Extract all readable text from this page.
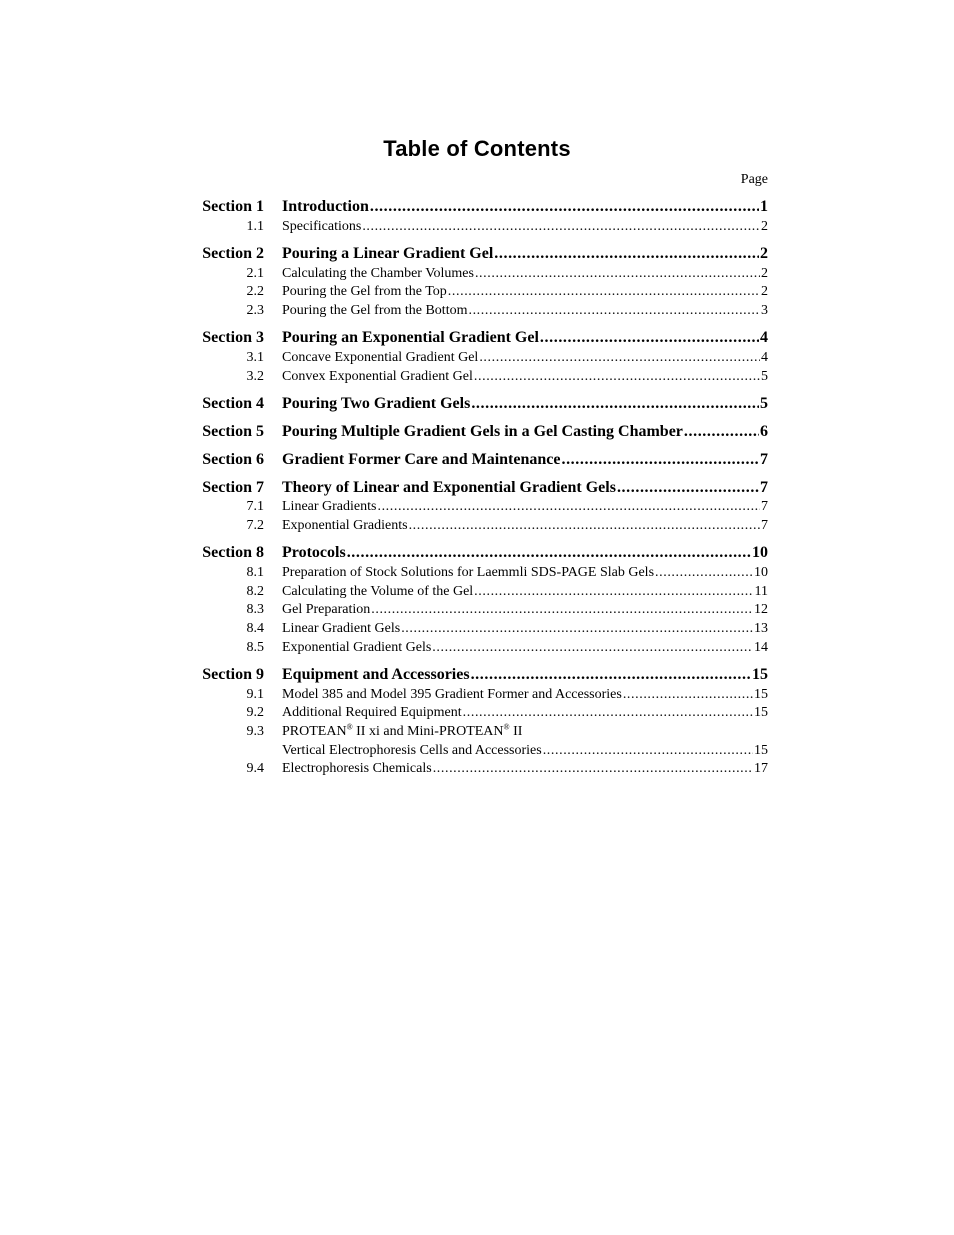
Table of Contents
Page
Section 1 Introduction .....	1
1.1 Specifications .....	2
Section 2 Pouring a Linear Gradient Gel .....	2
2.1 Calculating the Chamber Volumes .....	2
2.2 Pouring the Gel from the Top .....	2
2.3 Pouring the Gel from the Bottom .....	3
Section 3 Pouring an Exponential Gradient Gel .....	4
3.1 Concave Exponential Gradient Gel .....	4
3.2 Convex Exponential Gradient Gel .....	5
Section 4 Pouring Two Gradient Gels .....	5
Section 5 Pouring Multiple Gradient Gels in a Gel Casting Chamber .....	6
Section 6 Gradient Former Care and Maintenance .....	7
Section 7 Theory of Linear and Exponential Gradient Gels .....	7
7.1 Linear Gradients .....	7
7.2 Exponential Gradients .....	7
Section 8 Protocols .....	10
8.1 Preparation of Stock Solutions for Laemmli SDS-PAGE Slab Gels .....	10
8.2 Calculating the Volume of the Gel .....	11
8.3 Gel Preparation .....	12
8.4 Linear Gradient Gels .....	13
8.5 Exponential Gradient Gels .....	14
Section 9 Equipment and Accessories .....	15
9.1 Model 385 and Model 395 Gradient Former and Accessories .....	15
9.2 Additional Required Equipment .....	15
9.3 PROTEAN® II xi and Mini-PROTEAN® II
Vertical Electrophoresis Cells and Accessories .....	15
9.4 Electrophoresis Chemicals .....	17
